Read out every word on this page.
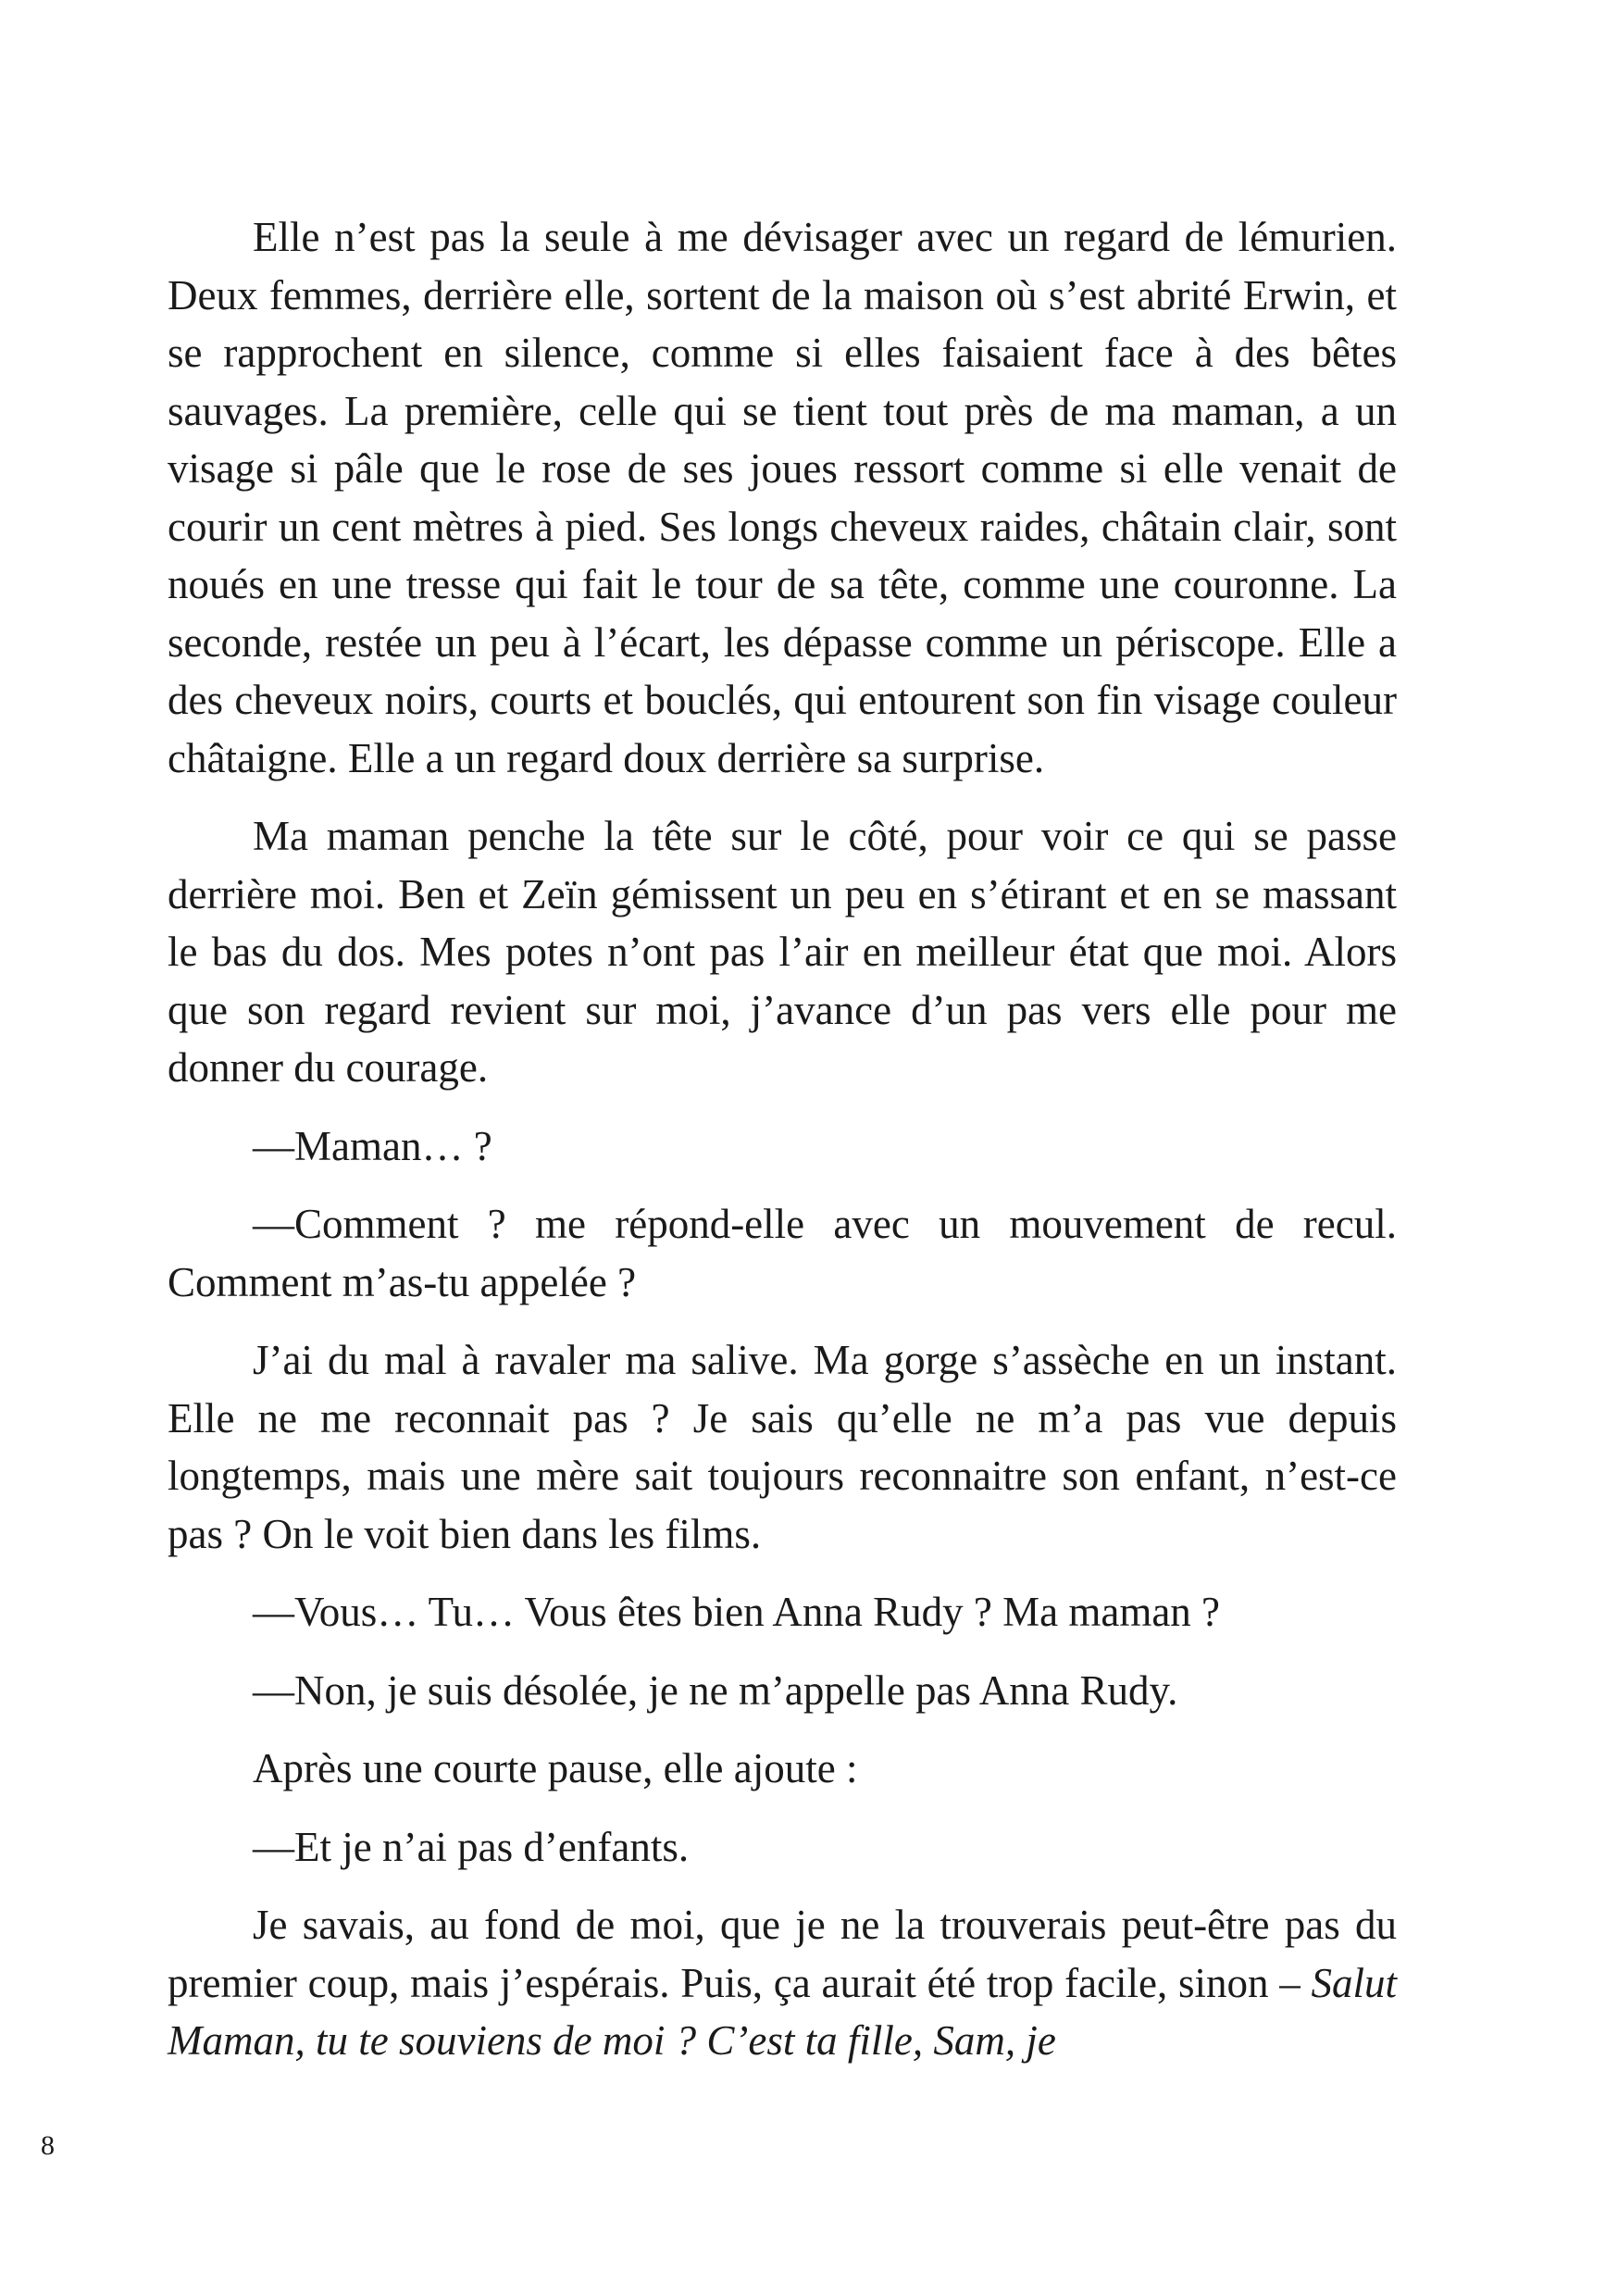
Elle n’est pas la seule à me dévisager avec un regard de lémurien. Deux femmes, derrière elle, sortent de la maison où s’est abrité Erwin, et se rapprochent en silence, comme si elles faisaient face à des bêtes sauvages. La première, celle qui se tient tout près de ma maman, a un visage si pâle que le rose de ses joues ressort comme si elle venait de courir un cent mètres à pied. Ses longs cheveux raides, châtain clair, sont noués en une tresse qui fait le tour de sa tête, comme une couronne. La seconde, restée un peu à l’écart, les dépasse comme un périscope. Elle a des cheveux noirs, courts et bouclés, qui entourent son fin visage couleur châtaigne. Elle a un regard doux derrière sa surprise.

Ma maman penche la tête sur le côté, pour voir ce qui se passe derrière moi. Ben et Zeïn gémissent un peu en s’étirant et en se massant le bas du dos. Mes potes n’ont pas l’air en meilleur état que moi. Alors que son regard revient sur moi, j’avance d’un pas vers elle pour me donner du courage.

—Maman… ?

—Comment ? me répond-elle avec un mouvement de recul. Comment m’as-tu appelée ?

J’ai du mal à ravaler ma salive. Ma gorge s’assèche en un instant. Elle ne me reconnait pas ? Je sais qu’elle ne m’a pas vue depuis longtemps, mais une mère sait toujours reconnaitre son enfant, n’est-ce pas ? On le voit bien dans les films.

—Vous… Tu… Vous êtes bien Anna Rudy ? Ma maman ?

—Non, je suis désolée, je ne m’appelle pas Anna Rudy.

Après une courte pause, elle ajoute :

—Et je n’ai pas d’enfants.

Je savais, au fond de moi, que je ne la trouverais peut-être pas du premier coup, mais j’espérais. Puis, ça aurait été trop facile, sinon – Salut Maman, tu te souviens de moi ? C’est ta fille, Sam, je

8
